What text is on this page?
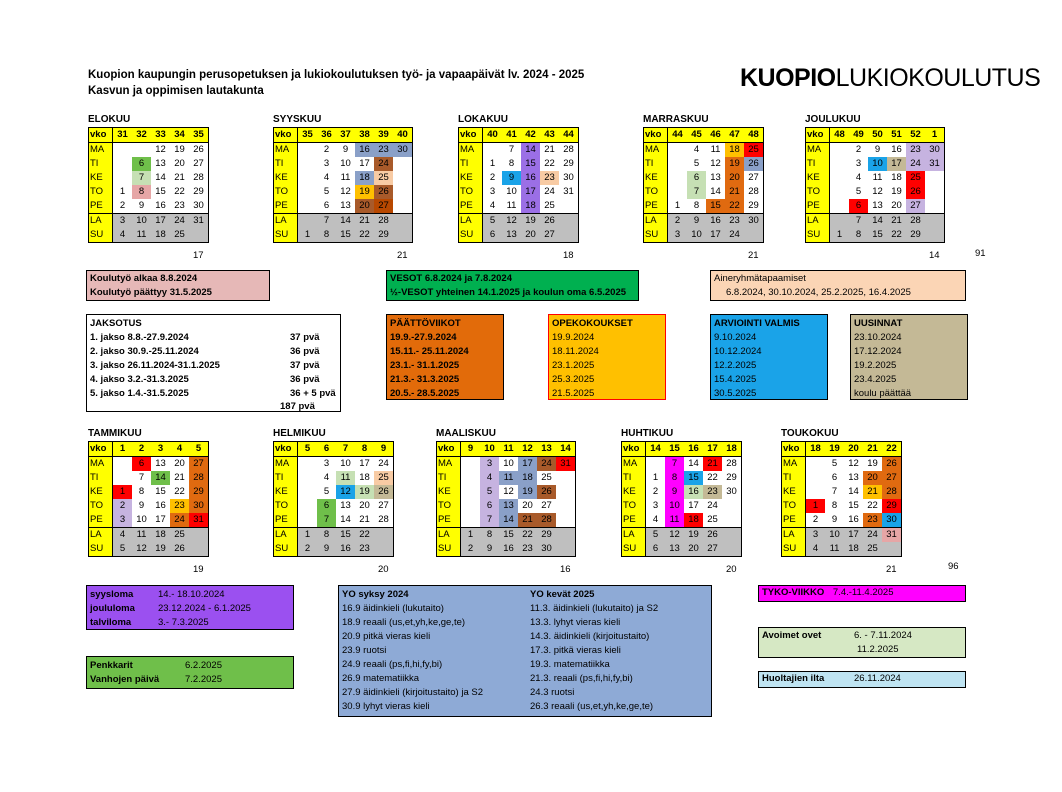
Kuopion kaupungin perusopetuksen ja lukiokoulutuksen työ- ja vapaapäivät lv. 2024 - 2025
Kasvun ja oppimisen lautakunta	KUOPIOLUKIOKOULUTUS
ELOKUU
vko	31	32	33	34	35
MA			12	19	26
TI		6	13	20	27
KE		7	14	21	28
TO	1	8	15	22	29
PE	2	9	16	23	30
LA	3	10	17	24	31
SU	4	11	18	25	
17
SYYSKUU
vko	35	36	37	38	39	40
MA		2	9	16	23	30
TI		3	10	17	24	
KE		4	11	18	25	
TO		5	12	19	26	
PE		6	13	20	27	
LA		7	14	21	28	
SU	1	8	15	22	29	
21
LOKAKUU
vko	40	41	42	43	44
MA		7	14	21	28
TI	1	8	15	22	29
KE	2	9	16	23	30
TO	3	10	17	24	31
PE	4	11	18	25	
LA	5	12	19	26	
SU	6	13	20	27	
18
MARRASKUU
vko	44	45	46	47	48
MA		4	11	18	25
TI		5	12	19	26
KE		6	13	20	27
TO		7	14	21	28
PE	1	8	15	22	29
LA	2	9	16	23	30
SU	3	10	17	24	
21
JOULUKUU
vko	48	49	50	51	52	1
MA		2	9	16	23	30
TI		3	10	17	24	31
KE		4	11	18	25	
TO		5	12	19	26	
PE		6	13	20	27	
LA		7	14	21	28	
SU	1	8	15	22	29	
14
TAMMIKUU
vko	1	2	3	4	5
MA		6	13	20	27
TI		7	14	21	28
KE	1	8	15	22	29
TO	2	9	16	23	30
PE	3	10	17	24	31
LA	4	11	18	25	
SU	5	12	19	26	
19
HELMIKUU
vko	5	6	7	8	9
MA		3	10	17	24
TI		4	11	18	25
KE		5	12	19	26
TO		6	13	20	27
PE		7	14	21	28
LA	1	8	15	22	
SU	2	9	16	23	
20
MAALISKUU
vko	9	10	11	12	13	14
MA		3	10	17	24	31
TI		4	11	18	25	
KE		5	12	19	26	
TO		6	13	20	27	
PE		7	14	21	28	
LA	1	8	15	22	29	
SU	2	9	16	23	30	
16
HUHTIKUU
vko	14	15	16	17	18
MA		7	14	21	28
TI	1	8	15	22	29
KE	2	9	16	23	30
TO	3	10	17	24	
PE	4	11	18	25	
LA	5	12	19	26	
SU	6	13	20	27	
20
TOUKOKUU
vko	18	19	20	21	22
MA		5	12	19	26
TI		6	13	20	27
KE		7	14	21	28
TO	1	8	15	22	29
PE	2	9	16	23	30
LA	3	10	17	24	31
SU	4	11	18	25	
21
91
96
Koulutyö alkaa 8.8.2024
Koulutyö päättyy 31.5.2025
VESOT 6.8.2024 ja 7.8.2024
½-VESOT yhteinen 14.1.2025 ja koulun oma 6.5.2025
Aineryhmätapaamiset
6.8.2024, 30.10.2024, 25.2.2025, 16.4.2025
JAKSOTUS
1. jakso 8.8.-27.9.2024	37 pvä
2. jakso 30.9.-25.11.2024	36 pvä
3. jakso 26.11.2024-31.1.2025	37 pvä
4. jakso 3.2.-31.3.2025	36 pvä
5. jakso 1.4.-31.5.2025	36 + 5 pvä
187 pvä
PÄÄTTÖVIIKOT
19.9.-27.9.2024
15.11.- 25.11.2024
23.1.- 31.1.2025
21.3.- 31.3.2025
20.5.- 28.5.2025
OPEKOKOUKSET
19.9.2024
18.11.2024
23.1.2025
25.3.2025
21.5.2025
ARVIOINTI VALMIS
9.10.2024
10.12.2024
12.2.2025
15.4.2025
30.5.2025
UUSINNAT
23.10.2024
17.12.2024
19.2.2025
23.4.2025
koulu päättää
syysloma	14.- 18.10.2024
joululoma 23.12.2024 - 6.1.2025
talviloma	3.- 7.3.2025
Penkkarit	6.2.2025
Vanhojen päivä	7.2.2025
YO syksy 2024
16.9 äidinkieli (lukutaito)
18.9 reaali (us,et,yh,ke,ge,te)
20.9 pitkä vieras kieli
23.9 ruotsi
24.9 reaali (ps,fi,hi,fy,bi)
26.9 matematiikka
27.9 äidinkieli (kirjoitustaito) ja S2
30.9 lyhyt vieras kieli
YO kevät 2025
11.3. äidinkieli (lukutaito) ja S2
13.3. lyhyt vieras kieli
14.3. äidinkieli (kirjoitustaito)
17.3. pitkä vieras kieli
19.3. matematiikka
21.3. reaali (ps,fi,hi,fy,bi)
24.3 ruotsi
26.3 reaali (us,et,yh,ke,ge,te)
TYKO-VIIKKO 7.4.-11.4.2025
Avoimet ovet	6. - 7.11.2024
11.2.2025
Huoltajien ilta	26.11.2024
